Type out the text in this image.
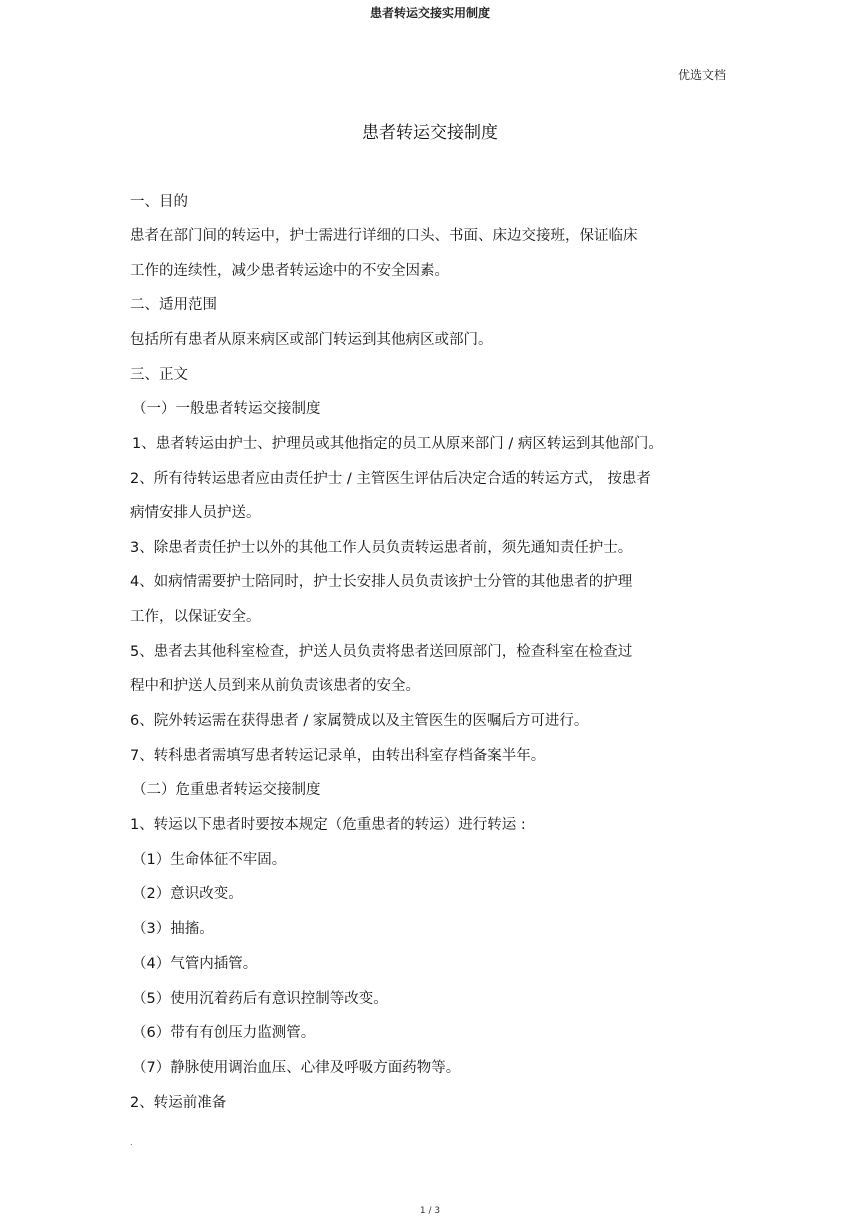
患者转运交接实用制度
优选文档
患者转运交接制度
一、目的
患者在部门间的转运中，护士需进行详细的口头、书面、床边交接班，保证临床
工作的连续性，减少患者转运途中的不安全因素。
二、适用范围
包括所有患者从原来病区或部门转运到其他病区或部门。
三、正文
（一）一般患者转运交接制度
1、患者转运由护士、护理员或其他指定的员工从原来部门 / 病区转运到其他部门。
2、所有待转运患者应由责任护士 / 主管医生评估后决定合适的转运方式， 按患者
病情安排人员护送。
3、除患者责任护士以外的其他工作人员负责转运患者前，须先通知责任护士。
4、如病情需要护士陪同时，护士长安排人员负责该护士分管的其他患者的护理
工作，以保证安全。
5、患者去其他科室检查，护送人员负责将患者送回原部门，检查科室在检查过
程中和护送人员到来从前负责该患者的安全。
6、院外转运需在获得患者 / 家属赞成以及主管医生的医嘱后方可进行。
7、转科患者需填写患者转运记录单，由转出科室存档备案半年。
（二）危重患者转运交接制度
1、转运以下患者时要按本规定（危重患者的转运）进行转运 :
（1）生命体征不牢固。
（2）意识改变。
（3）抽搐。
（4）气管内插管。
（5）使用沉着药后有意识控制等改变。
（6）带有有创压力监测管。
（7）静脉使用调治血压、心律及呼吸方面药物等。
2、转运前准备
.
1 / 3
